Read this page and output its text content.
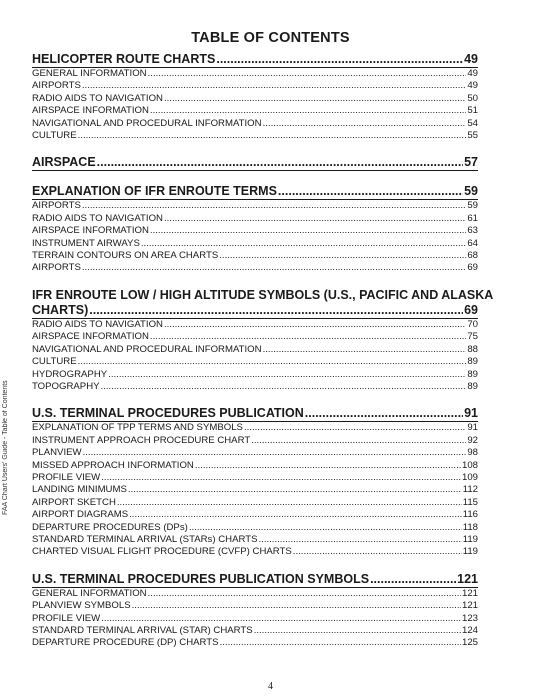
FAA Chart Users' Guide - Table of Contents
TABLE OF CONTENTS
HELICOPTER ROUTE CHARTS .....	49
GENERAL INFORMATION .....	49
AIRPORTS .....	49
RADIO AIDS TO NAVIGATION .....	50
AIRSPACE INFORMATION .....	51
NAVIGATIONAL AND PROCEDURAL INFORMATION .....	54
CULTURE .....	55
AIRSPACE .....	57
EXPLANATION OF IFR ENROUTE TERMS .....	59
AIRPORTS .....	59
RADIO AIDS TO NAVIGATION .....	61
AIRSPACE INFORMATION .....	63
INSTRUMENT AIRWAYS .....	64
TERRAIN CONTOURS ON AREA CHARTS .....	68
AIRPORTS .....	69
IFR ENROUTE LOW / HIGH ALTITUDE SYMBOLS (U.S., PACIFIC AND ALASKA
CHARTS) .....	69
RADIO AIDS TO NAVIGATION .....	70
AIRSPACE INFORMATION .....	75
NAVIGATIONAL AND PROCEDURAL INFORMATION .....	88
CULTURE .....	89
HYDROGRAPHY .....	89
TOPOGRAPHY .....	89
U.S. TERMINAL PROCEDURES PUBLICATION .....	91
EXPLANATION OF TPP TERMS AND SYMBOLS .....	91
INSTRUMENT APPROACH PROCEDURE CHART .....	92
PLANVIEW .....	98
MISSED APPROACH INFORMATION .....	108
PROFILE VIEW .....	109
LANDING MINIMUMS .....	112
AIRPORT SKETCH .....	115
AIRPORT DIAGRAMS .....	116
DEPARTURE PROCEDURES (DPs) .....	118
STANDARD TERMINAL ARRIVAL (STARs) CHARTS .....	119
CHARTED VISUAL FLIGHT PROCEDURE (CVFP) CHARTS .....	119
U.S. TERMINAL PROCEDURES PUBLICATION SYMBOLS .....	121
GENERAL INFORMATION .....	121
PLANVIEW SYMBOLS .....	121
PROFILE VIEW .....	123
STANDARD TERMINAL ARRIVAL (STAR) CHARTS .....	124
DEPARTURE PROCEDURE (DP) CHARTS .....	125
4
